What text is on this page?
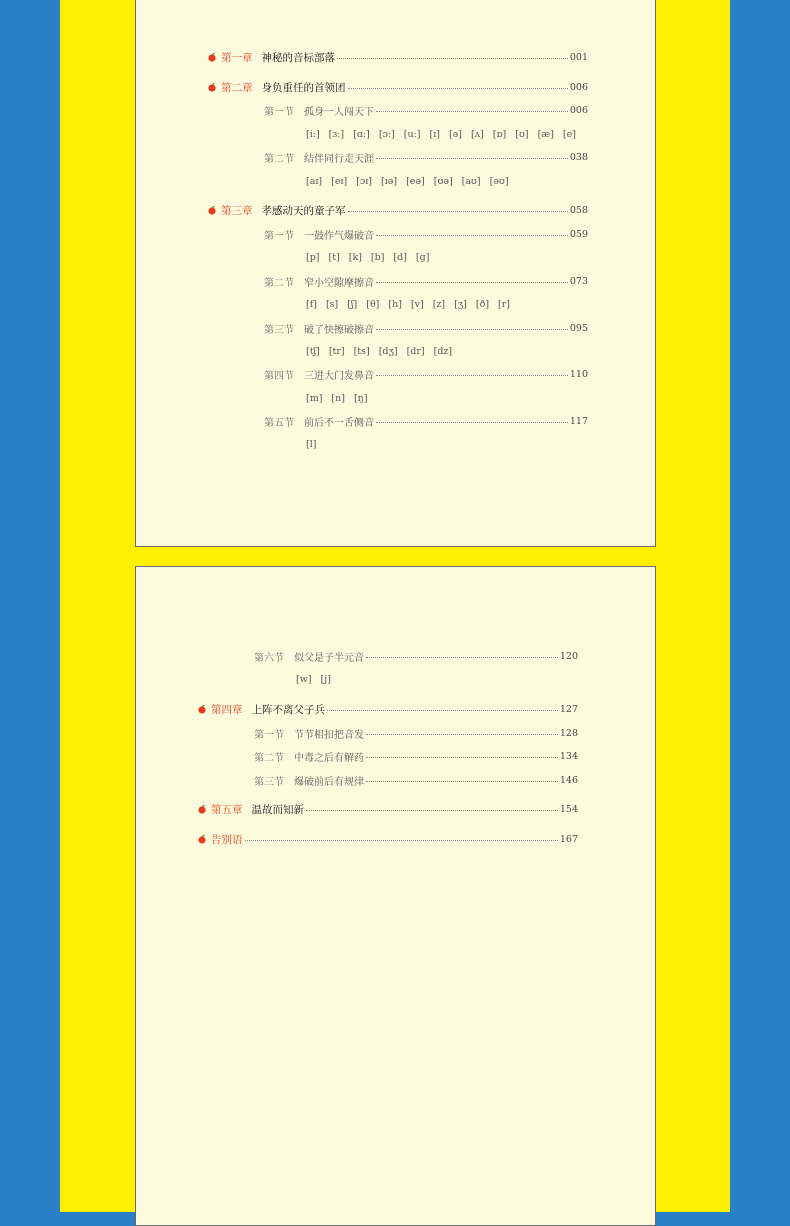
第一章 神秘的音标部落	001
第二章 身负重任的首领团	006
第一节 孤身一人闯天下	006
[iː] [ɜː] [ɑː] [ɔː] [uː] [ɪ] [ə] [ʌ] [ɒ] [ʊ] [æ] [e]
第二节 结伴同行走天涯	038
[aɪ] [eɪ] [ɔɪ] [ɪə] [eə] [ʊə] [aʊ] [əʊ]
第三章 孝感动天的童子军	058
第一节 一鼓作气爆破音	059
[p] [t] [k] [b] [d] [g]
第二节 窄小空隙摩擦音	073
[f] [s] [ʃ] [θ] [h] [v] [z] [ʒ] [ð] [r]
第三节 破了快擦破擦音	095
[tʃ] [tr] [ts] [dʒ] [dr] [dz]
第四节 三进大门发鼻音	110
[m] [n] [ŋ]
第五节 前后不一舌侧音	117
[l]
第六节 似父是子半元音	120
[w] [j]
第四章 上阵不离父子兵	127
第一节 节节相扣把音发	128
第二节 中毒之后有解药	134
第三节 爆破前后有规律	146
第五章 温故而知新	154
告别语	167
